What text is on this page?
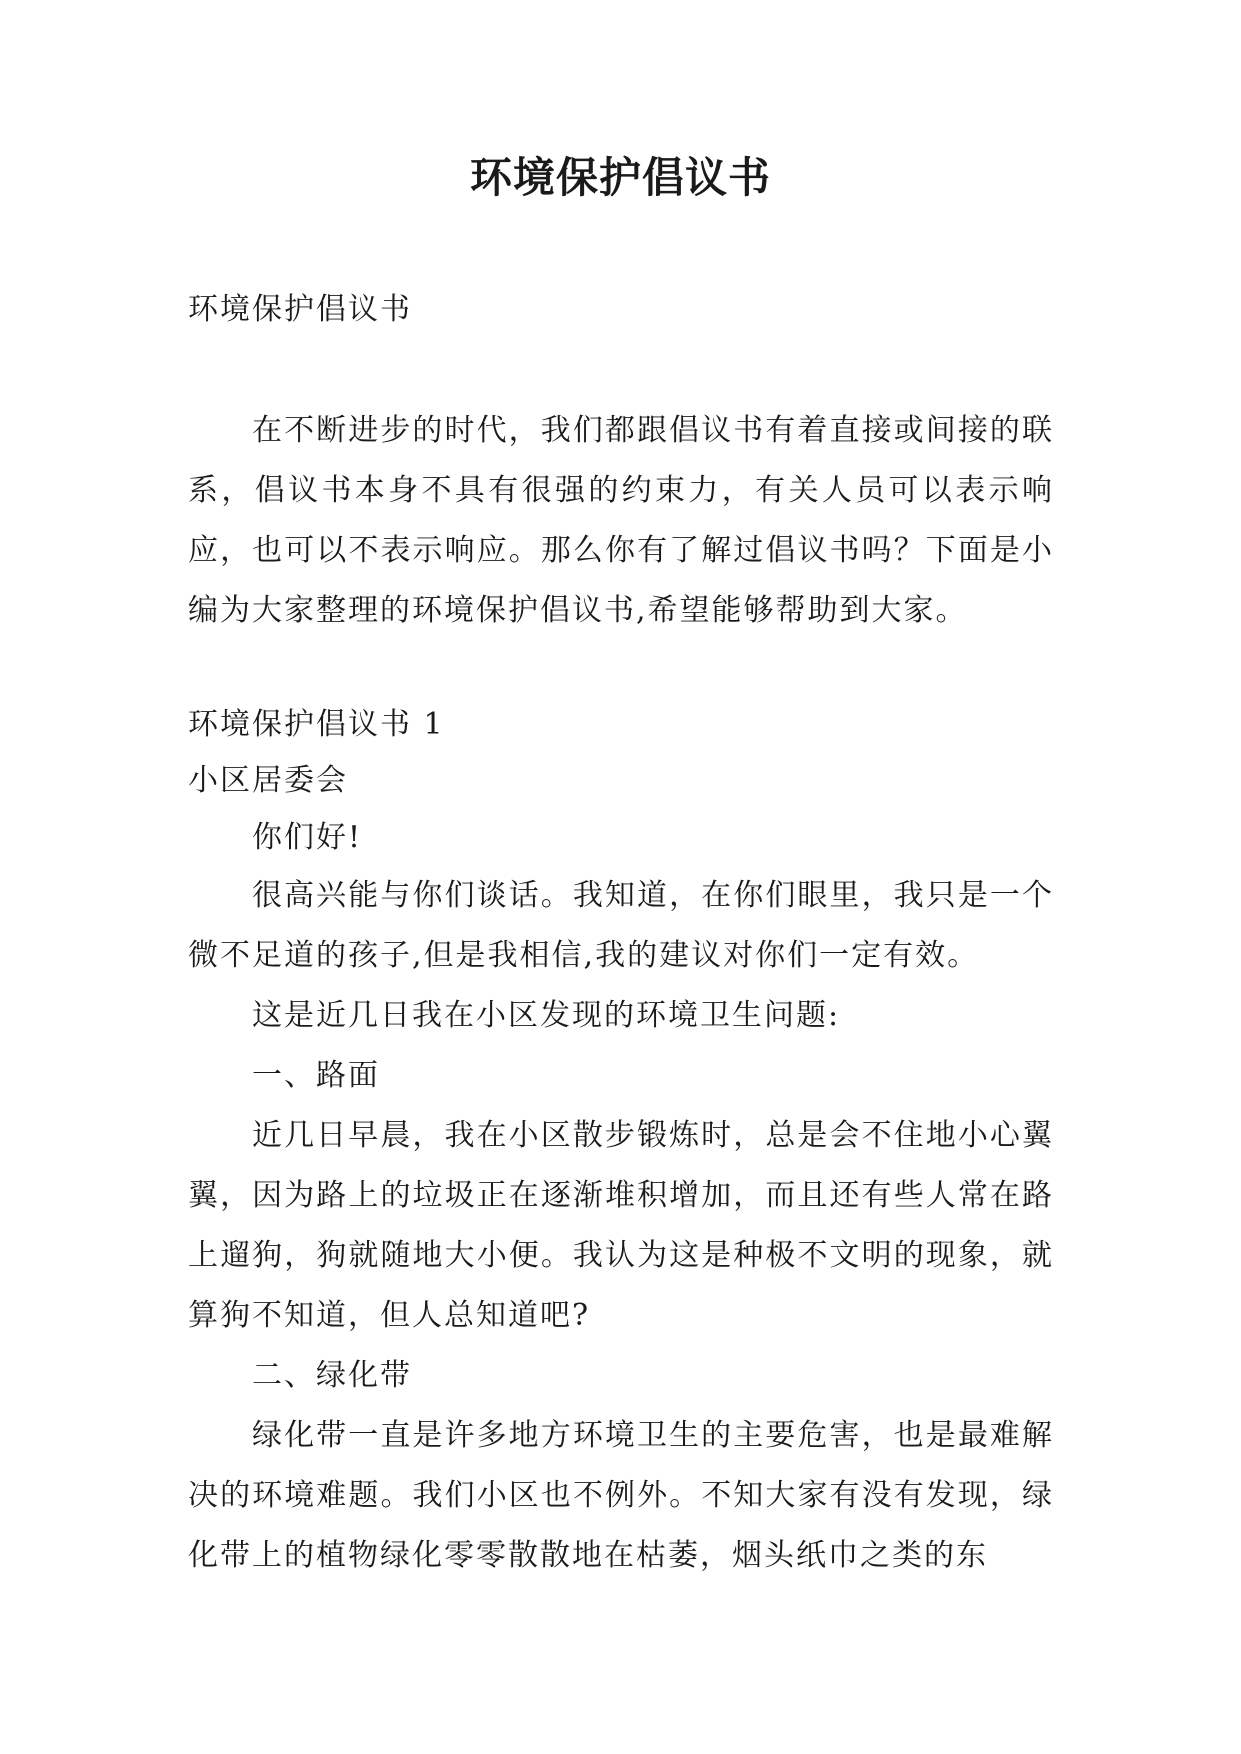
环境保护倡议书
环境保护倡议书

在不断进步的时代，我们都跟倡议书有着直接或间接的联系，倡议书本身不具有很强的约束力，有关人员可以表示响应，也可以不表示响应。那么你有了解过倡议书吗？下面是小编为大家整理的环境保护倡议书,希望能够帮助到大家。

环境保护倡议书 1

小区居委会

你们好!

很高兴能与你们谈话。我知道，在你们眼里，我只是一个微不足道的孩子,但是我相信,我的建议对你们一定有效。

这是近几日我在小区发现的环境卫生问题:

一、路面

近几日早晨，我在小区散步锻炼时，总是会不住地小心翼翼，因为路上的垃圾正在逐渐堆积增加，而且还有些人常在路上遛狗，狗就随地大小便。我认为这是种极不文明的现象，就算狗不知道，但人总知道吧?

二、绿化带

绿化带一直是许多地方环境卫生的主要危害，也是最难解决的环境难题。我们小区也不例外。不知大家有没有发现，绿化带上的植物绿化零零散散地在枯萎，烟头纸巾之类的东
